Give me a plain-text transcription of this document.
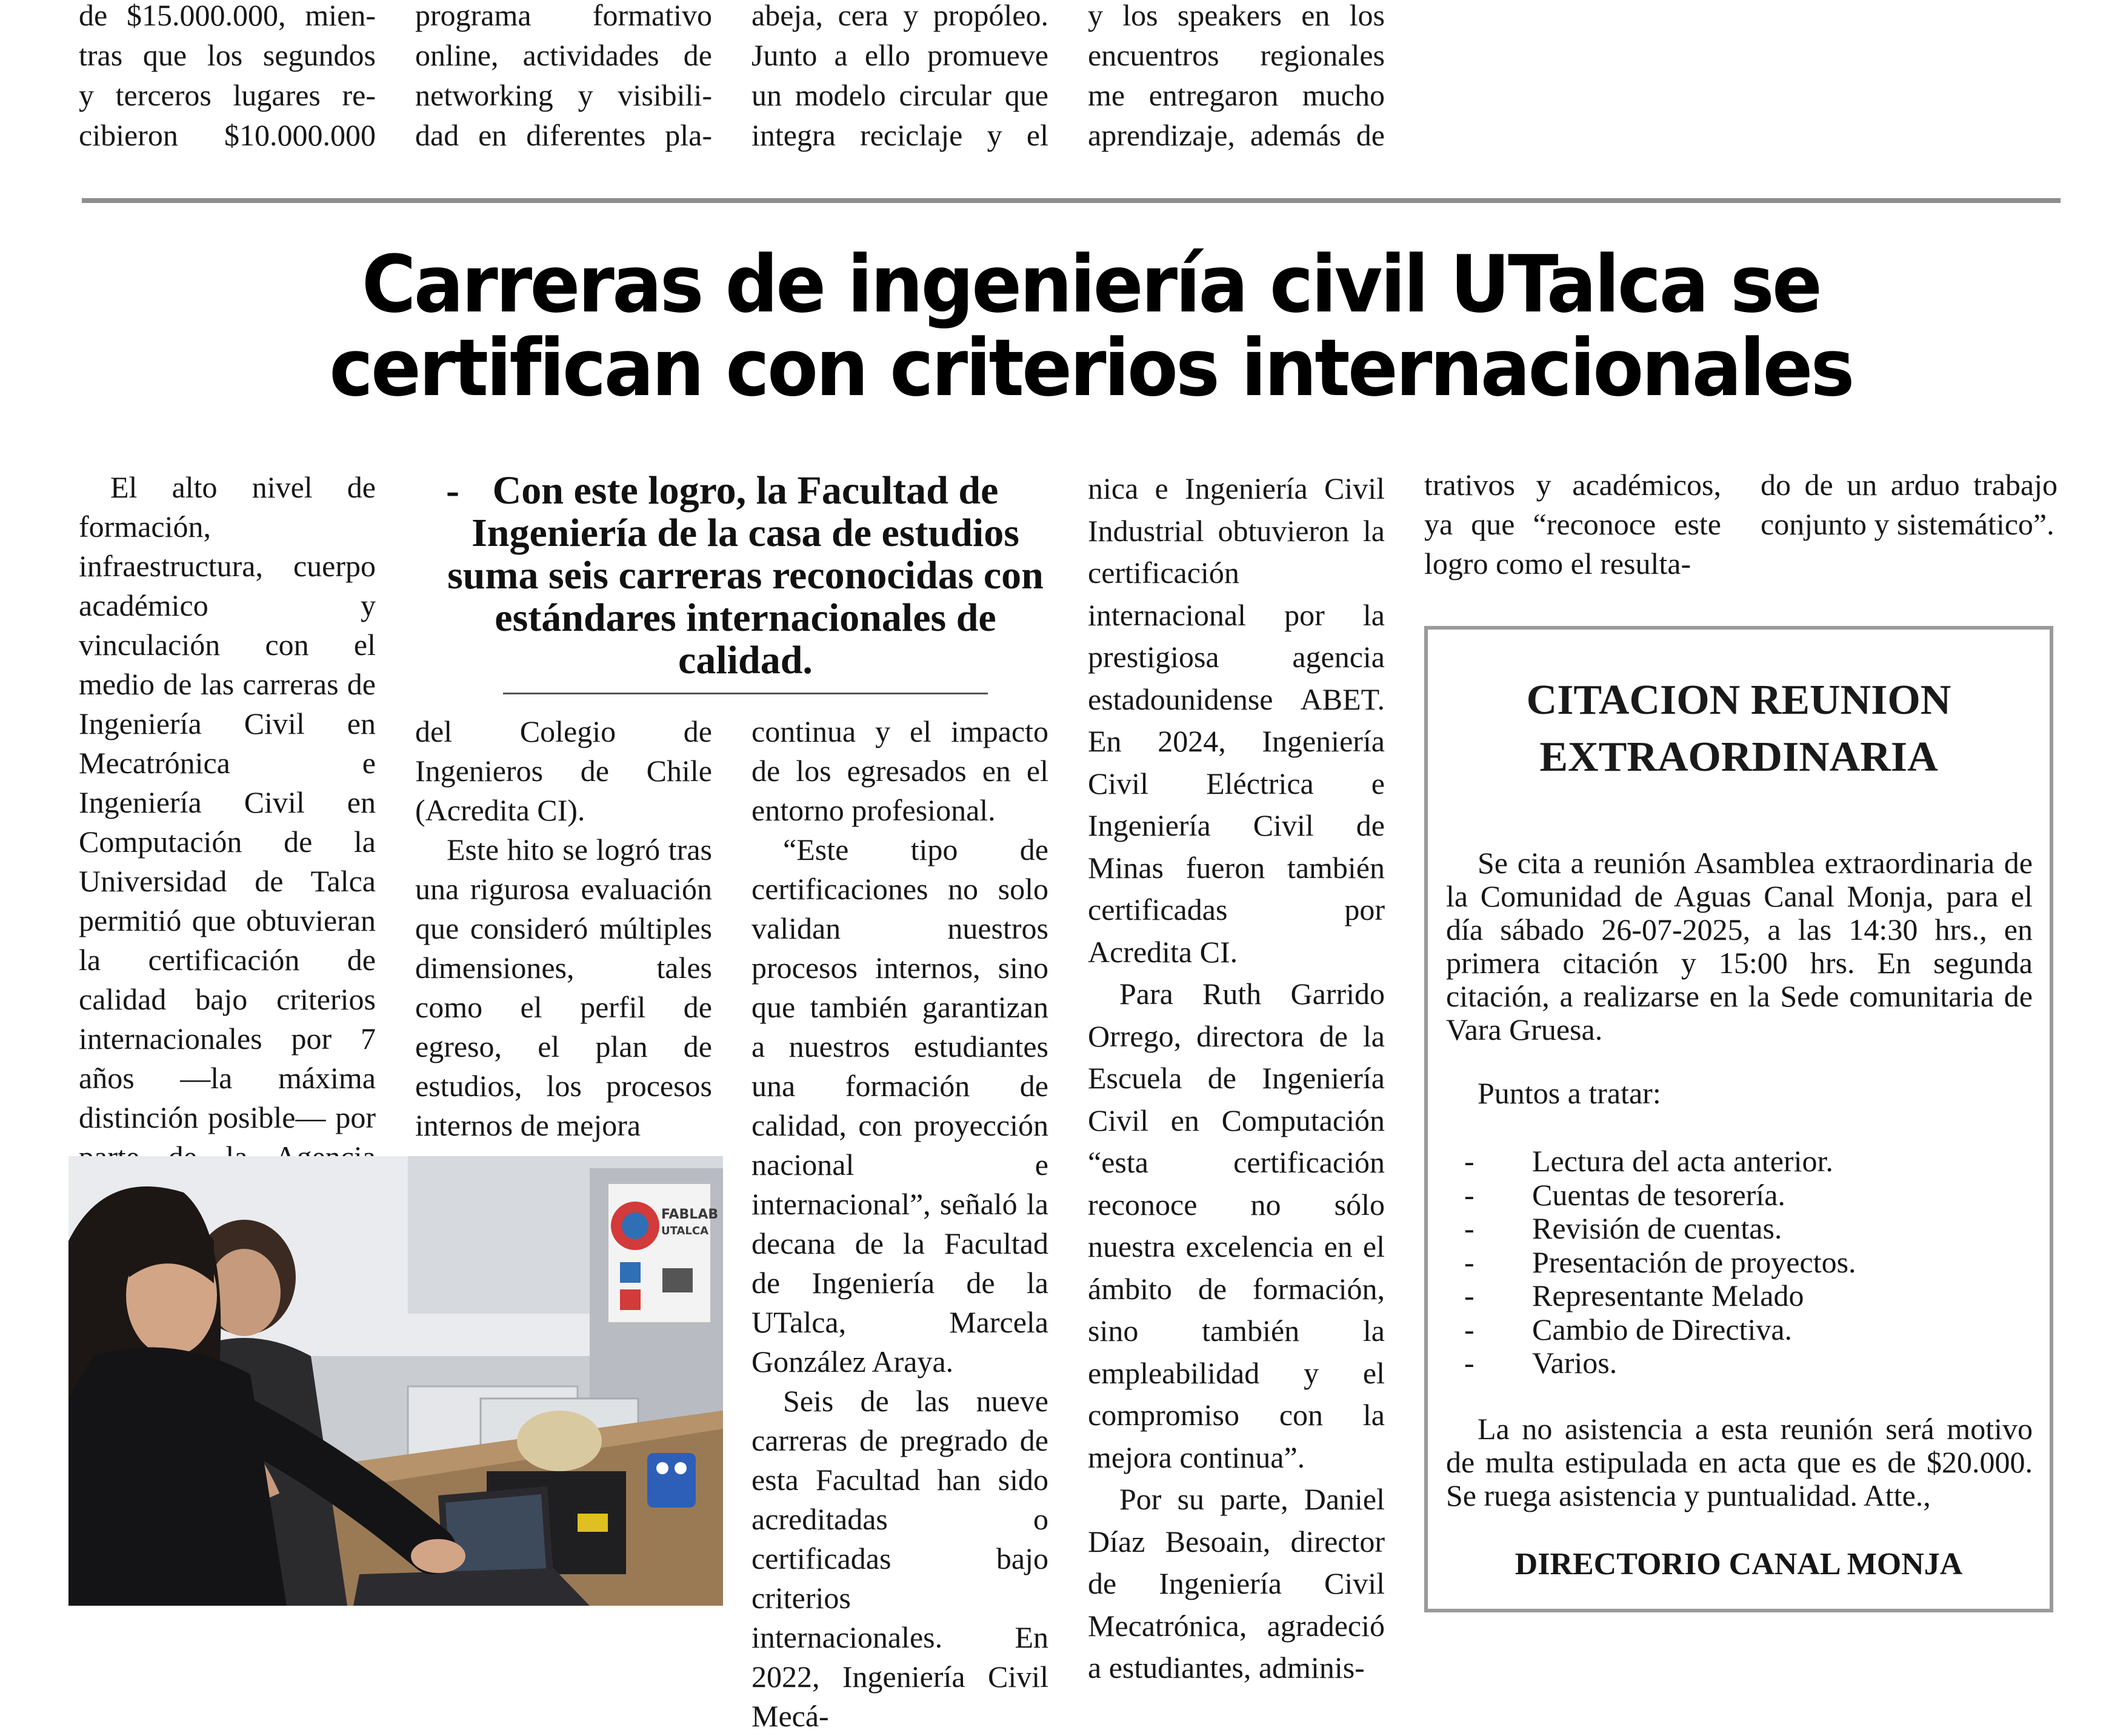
de $15.000.000, mien-
tras que los segundos
y terceros lugares re-
cibieron $10.000.000
programa formativo
online, actividades de
networking y visibili-
dad en diferentes pla-
abeja, cera y propóleo.
Junto a ello promueve
un modelo circular que
integra reciclaje y el
y los speakers en los
encuentros regionales
me entregaron mucho
aprendizaje, además de
Carreras de ingeniería civil UTalca se
certifican con criterios internacionales
- Con este logro, la Facultad de Ingeniería de la casa de estudios suma seis carreras reconocidas con estándares internacionales de calidad.

El alto nivel de formación, infraestructura, cuerpo académico y vinculación con el medio de las carreras de Ingeniería Civil en Mecatrónica e Ingeniería Civil en Computación de la Universidad de Talca permitió que obtuvieran la certificación de calidad bajo criterios internacionales por 7 años —la máxima distinción posible— por

FABLAB
UTALCA

del Colegio de Ingenieros de Chile (Acredita CI).

Este hito se logró tras una rigurosa evaluación que consideró múltiples dimensiones, tales como el perfil de egreso, el plan de estudios, los procesos internos de mejora

continua y el impacto de los egresados en el entorno profesional.

“Este tipo de certificaciones no solo validan nuestros procesos internos, sino que también garantizan a nuestros estudiantes una formación de calidad, con proyección nacional e internacional”, señaló la decana de la Facultad de Ingeniería de la UTalca, Marcela González Araya.

Seis de las nueve carreras de pregrado de esta Facultad han sido acreditadas o certificadas bajo criterios internacionales. En 2022, Ingeniería Civil Mecá-

nica e Ingeniería Civil Industrial obtuvieron la certificación internacional por la prestigiosa agencia estadounidense ABET. En 2024, Ingeniería Civil Eléctrica e Ingeniería Civil de Minas fueron también certificadas por Acredita CI.

Para Ruth Garrido Orrego, directora de la Escuela de Ingeniería Civil en Computación “esta certificación reconoce no sólo nuestra excelencia en el ámbito de formación, sino también la empleabilidad y el compromiso con la mejora continua”.

Por su parte, Daniel Díaz Besoain, director de Ingeniería Civil Mecatrónica, agradeció a estudiantes, adminis-

trativos y académicos, ya que “reconoce este logro como el resulta-

do de un arduo trabajo conjunto y sistemático”.

CITACION REUNION
EXTRAORDINARIA

Se cita a reunión Asamblea extraordinaria de la Comunidad de Aguas Canal Monja, para el día sábado 26-07-2025, a las 14:30 hrs., en primera citación y 15:00 hrs. En segunda citación, a realizarse en la Sede comunitaria de Vara Gruesa.

Puntos a tratar:

- Lectura del acta anterior.
- Cuentas de tesorería.
- Revisión de cuentas.
- Presentación de proyectos.
- Representante Melado
- Cambio de Directiva.
- Varios.

La no asistencia a esta reunión será motivo de multa estipulada en acta que es de $20.000. Se ruega asistencia y puntualidad. Atte.,

DIRECTORIO CANAL MONJA
